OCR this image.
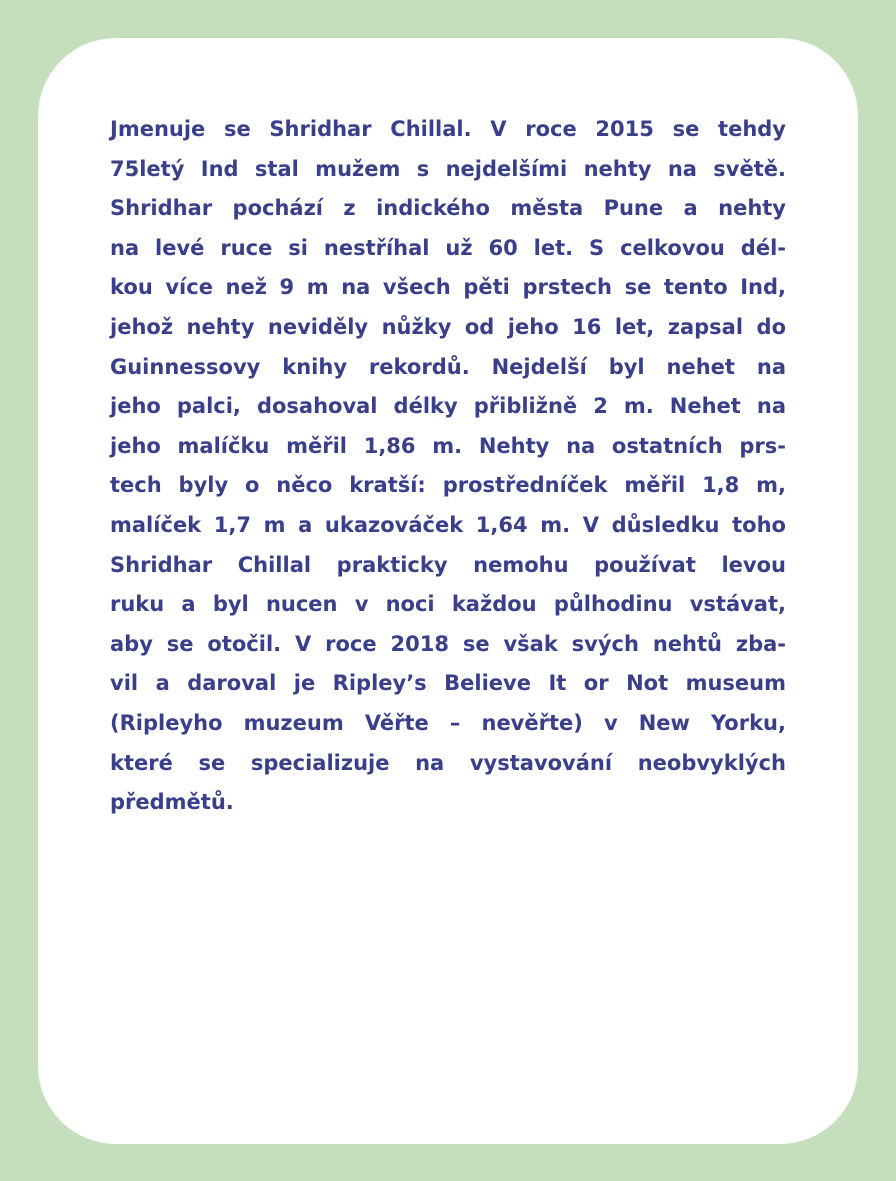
Jmenuje se Shridhar Chillal. V roce 2015 se tehdy
75letý Ind stal mužem s nejdelšími nehty na světě.
Shridhar pochází z indického města Pune a nehty
na levé ruce si nestříhal už 60 let. S celkovou dél-
kou více než 9 m na všech pěti prstech se tento Ind,
jehož nehty neviděly nůžky od jeho 16 let, zapsal do
Guinnessovy knihy rekordů. Nejdelší byl nehet na
jeho palci, dosahoval délky přibližně 2 m. Nehet na
jeho malíčku měřil 1,86 m. Nehty na ostatních prs-
tech byly o něco kratší: prostředníček měřil 1,8 m,
malíček 1,7 m a ukazováček 1,64 m. V důsledku toho
Shridhar Chillal prakticky nemohu používat levou
ruku a byl nucen v noci každou půlhodinu vstávat,
aby se otočil. V roce 2018 se však svých nehtů zba-
vil a daroval je Ripley’s Believe It or Not museum
(Ripleyho muzeum Věřte – nevěřte) v New Yorku,
které se specializuje na vystavování neobvyklých
předmětů.
